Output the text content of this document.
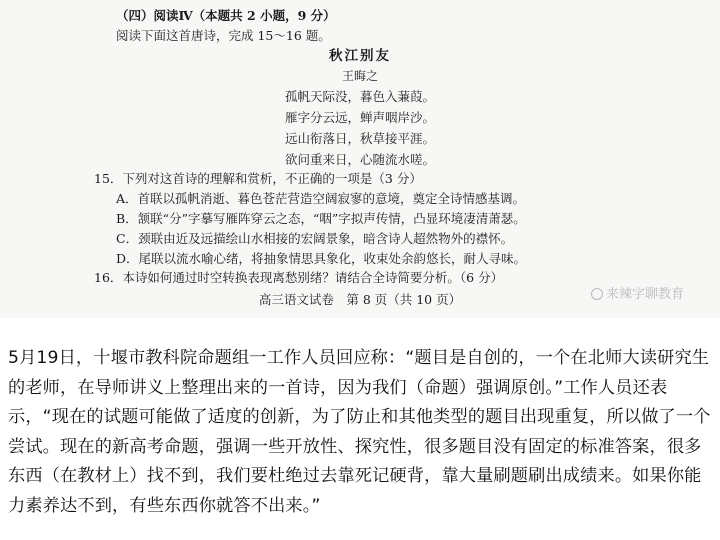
（四）阅读Ⅳ（本题共 2 小题，9 分）
阅读下面这首唐诗，完成 15～16 题。
秋江别友
王晦之
孤帆天际没，暮色入蒹葭。
雁字分云远，蝉声咽岸沙。
远山衔落日，秋草接平涯。
欲问重来日，心随流水嗟。
15．下列对这首诗的理解和赏析，不正确的一项是（3 分）
A．首联以孤帆消逝、暮色苍茫营造空阔寂寥的意境，奠定全诗情感基调。
B．颔联“分”字摹写雁阵穿云之态，“咽”字拟声传情，凸显环境凄清萧瑟。
C．颈联由近及远描绘山水相接的宏阔景象，暗含诗人超然物外的襟怀。
D．尾联以流水喻心绪，将抽象情思具象化，收束处余韵悠长，耐人寻味。
16．本诗如何通过时空转换表现离愁别绪？请结合全诗简要分析。（6 分）
高三语文试卷　第 8 页（共 10 页）	来辣字聊教育

5月19日，十堰市教科院命题组一工作人员回应称：“题目是自创的，一个在北师大读研究生的老师，在导师讲义上整理出来的一首诗，因为我们（命题）强调原创。”工作人员还表示，“现在的试题可能做了适度的创新，为了防止和其他类型的题目出现重复，所以做了一个尝试。现在的新高考命题，强调一些开放性、探究性，很多题目没有固定的标准答案，很多东西（在教材上）找不到，我们要杜绝过去靠死记硬背，靠大量刷题刷出成绩来。如果你能力素养达不到，有些东西你就答不出来。”
